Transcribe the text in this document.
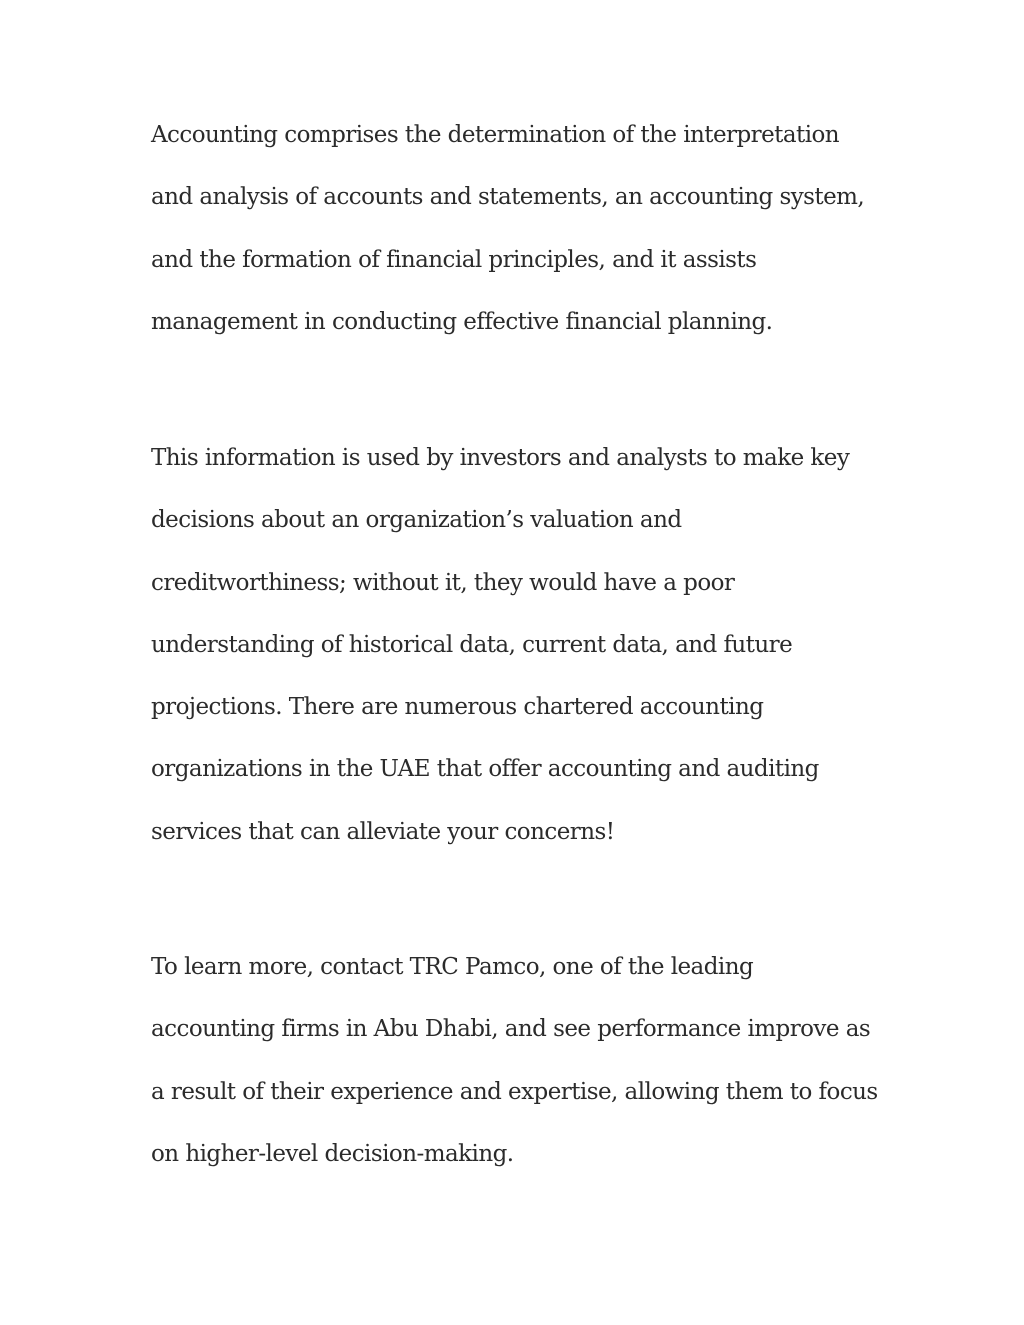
Accounting comprises the determination of the interpretation
and analysis of accounts and statements, an accounting system,
and the formation of financial principles, and it assists
management in conducting effective financial planning.

This information is used by investors and analysts to make key
decisions about an organization’s valuation and
creditworthiness; without it, they would have a poor
understanding of historical data, current data, and future
projections. There are numerous chartered accounting
organizations in the UAE that offer accounting and auditing
services that can alleviate your concerns!

To learn more, contact TRC Pamco, one of the leading
accounting firms in Abu Dhabi, and see performance improve as
a result of their experience and expertise, allowing them to focus
on higher-level decision-making.
